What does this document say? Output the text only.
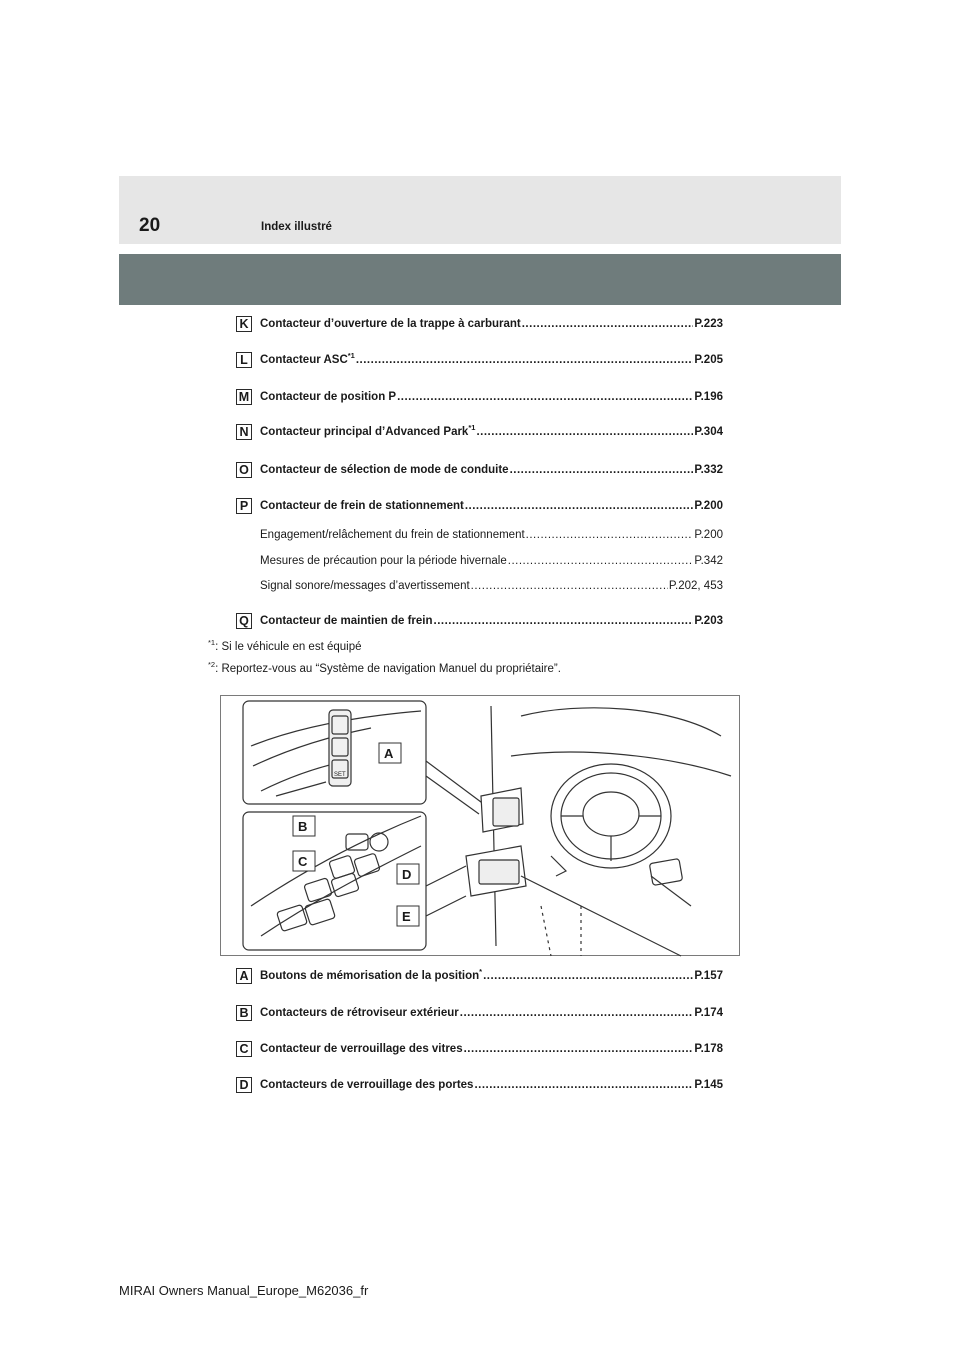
20	Index illustré
K Contacteur d’ouverture de la trappe à carburant .....	P.223
L	Contacteur ASC$^{*1}$ .....	P.205
M Contacteur de position P .....	P.196
N Contacteur principal d’Advanced Park$^{*1}$ .....	P.304
O Contacteur de sélection de mode de conduite .....	P.332
P	Contacteur de frein de stationnement .....	P.200
Engagement/relâchement du frein de stationnement .....	P.200
Mesures de précaution pour la période hivernale .....	P.342
Signal sonore/messages d’avertissement .....	P.202, 453
Q Contacteur de maintien de frein .....	P.203
$^{*1}$: Si le véhicule en est équipé
$^{*2}$: Reportez-vous au “Système de navigation Manuel du propriétaire”.
A
B
C
D
E
SET
A Boutons de mémorisation de la position* .....	P.157
B Contacteurs de rétroviseur extérieur .....	P.174
C Contacteur de verrouillage des vitres .....	P.178
D Contacteurs de verrouillage des portes .....	P.145
MIRAI Owners Manual_Europe_M62036_fr
